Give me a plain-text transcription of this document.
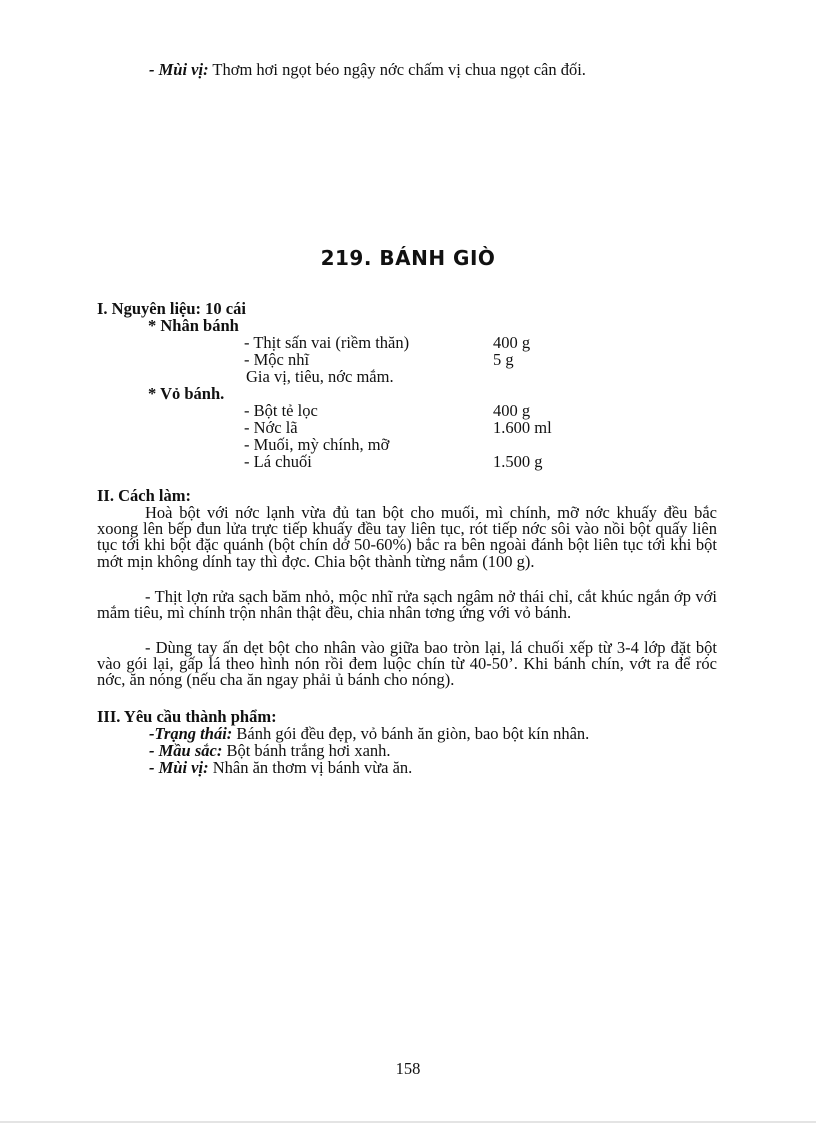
- Mùi vị: Thơm hơi ngọt béo ngậy nớc chấm vị chua ngọt cân đối.
219. BÁNH GIÒ
I. Nguyên liệu: 10 cái
* Nhân bánh
- Thịt sấn vai (riềm thăn)	400 g
- Mộc nhĩ	5 g
Gia vị, tiêu, nớc mắm.
* Vỏ bánh.
- Bột tẻ lọc	400 g
- Nớc lã	1.600 ml
- Muối, mỳ chính, mỡ
- Lá chuối	1.500 g
II. Cách làm:
Hoà bột với nớc lạnh vừa đủ tan bột cho muối, mì chính, mỡ nớc khuấy đều bắc xoong lên bếp đun lửa trực tiếp khuấy đều tay liên tục, rót tiếp nớc sôi vào nồi bột quấy liên tục tới khi bột đặc quánh (bột chín dở 50-60%) bắc ra bên ngoài đánh bột liên tục tới khi bột mớt mịn không dính tay thì đợc. Chia bột thành từng nắm (100 g).
- Thịt lợn rửa sạch băm nhỏ, mộc nhĩ rửa sạch ngâm nở thái chỉ, cắt khúc ngắn ớp với mắm tiêu, mì chính trộn nhân thật đều, chia nhân tơng ứng với vỏ bánh.
- Dùng tay ấn dẹt bột cho nhân vào giữa bao tròn lại, lá chuối xếp từ 3-4 lớp đặt bột vào gói lại, gấp lá theo hình nón rồi đem luộc chín từ 40-50’. Khi bánh chín, vớt ra để róc nớc, ăn nóng (nếu cha ăn ngay phải ủ bánh cho nóng).
III. Yêu cầu thành phẩm:
-Trạng thái: Bánh gói đều đẹp, vỏ bánh ăn giòn, bao bột kín nhân.
- Mầu sắc: Bột bánh trắng hơi xanh.
- Mùi vị: Nhân ăn thơm vị bánh vừa ăn.
158
